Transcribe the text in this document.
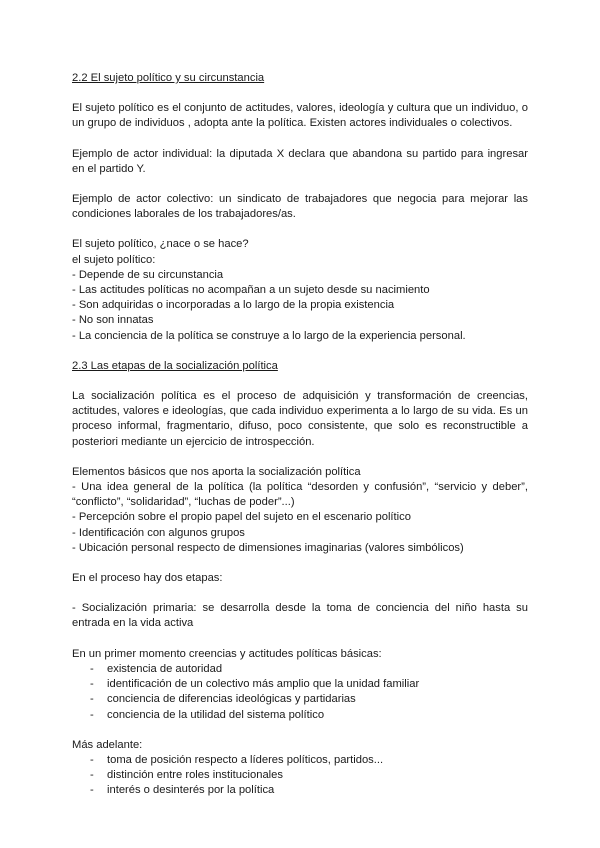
2.2 El sujeto político y su circunstancia
El sujeto político es el conjunto de actitudes, valores, ideología y cultura que un individuo, o un grupo de individuos , adopta ante la política. Existen actores individuales o colectivos.
Ejemplo de actor individual: la diputada X declara que abandona su partido para ingresar en el partido Y.
Ejemplo de actor colectivo: un sindicato de trabajadores que negocia para mejorar las condiciones laborales de los trabajadores/as.
El sujeto político, ¿nace o se hace?
el sujeto político:
- Depende de su circunstancia
- Las actitudes políticas no acompañan a un sujeto desde su nacimiento
- Son adquiridas o incorporadas a lo largo de la propia existencia
- No son innatas
- La conciencia de la política se construye a lo largo de la experiencia personal.
2.3 Las etapas de la socialización política
La socialización política es el proceso de adquisición y transformación de creencias, actitudes, valores e ideologías, que cada individuo experimenta a lo largo de su vida. Es un proceso informal, fragmentario, difuso, poco consistente, que solo es reconstructible a posteriori mediante un ejercicio de introspección.
Elementos básicos que nos aporta la socialización política
- Una idea general de la política (la política “desorden y confusión”, “servicio y deber”, “conflicto”, “solidaridad”, “luchas de poder”...)
- Percepción sobre el propio papel del sujeto en el escenario político
- Identificación con algunos grupos
- Ubicación personal respecto de dimensiones imaginarias (valores simbólicos)
En el proceso hay dos etapas:
- Socialización primaria: se desarrolla desde la toma de conciencia del niño hasta su entrada en la vida activa
En un primer momento creencias y actitudes políticas básicas:
- existencia de autoridad
- identificación de un colectivo más amplio que la unidad familiar
- conciencia de diferencias ideológicas y partidarias
- conciencia de la utilidad del sistema político
Más adelante:
- toma de posición respecto a líderes políticos, partidos...
- distinción entre roles institucionales
- interés o desinterés por la política
